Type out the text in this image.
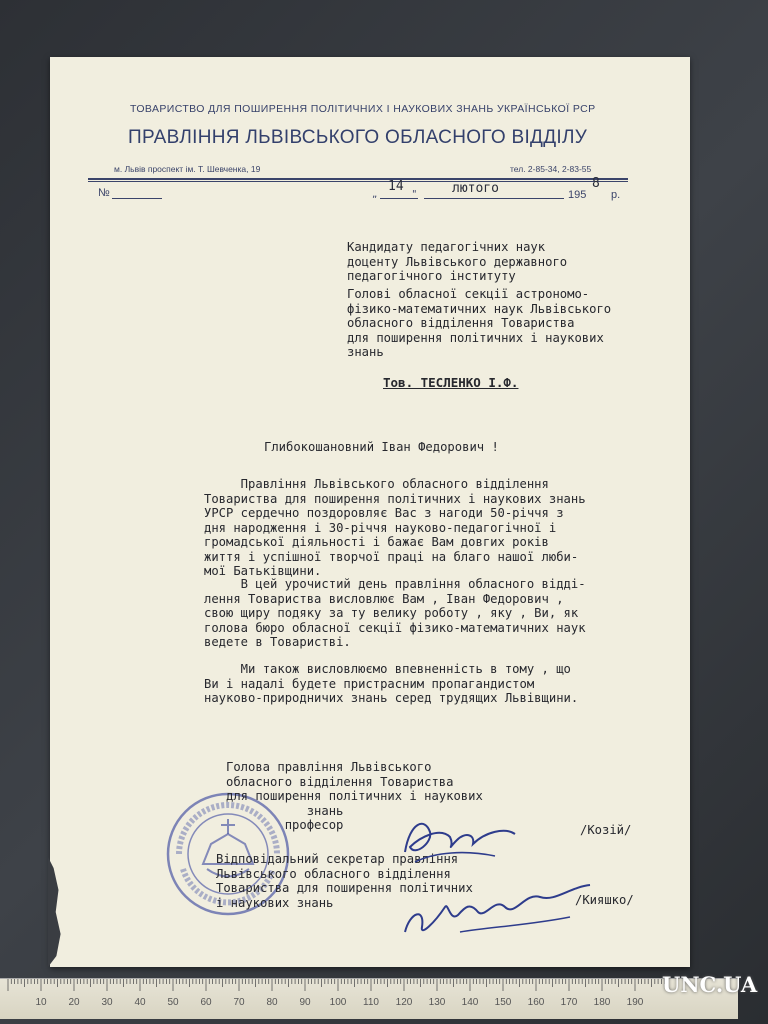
ТОВАРИСТВО ДЛЯ ПОШИРЕННЯ ПОЛІТИЧНИХ І НАУКОВИХ ЗНАНЬ УКРАЇНСЬКОЇ РСР
ПРАВЛІННЯ ЛЬВІВСЬКОГО ОБЛАСНОГО ВІДДІЛУ
м. Львів проспект ім. Т. Шевченка, 19	тел. 2-85-34, 2-83-55
№	„
14
"	лютого	195
8
р.
Кандидату педагогічних наук
доценту Львівського державного
педагогічного інституту
Голові обласної секції астрономо-
фізико-математичних наук Львівського
обласного відділення Товариства
для поширення політичних і наукових
знань
Тов. ТЕСЛЕНКО І.Ф.
Глибокошановний Іван Федорович !
Правління Львівського обласного відділення
Товариства для поширення політичних і наукових знань
УРСР сердечно поздоровляє Вас з нагоди 50-річчя з
дня народження і 30-річчя науково-педагогічної і
громадської діяльності і бажає Вам довгих років
життя і успішної творчої праці на благо нашої люби-
мої Батьківщини.
В цей урочистий день правління обласного відді-
лення Товариства висловлює Вам , Іван Федорович ,
свою щиру подяку за ту велику роботу , яку , Ви, як
голова бюро обласної секції фізико-математичних наук
ведете в Товаристві.
Ми також висловлюємо впевненність в тому , що
Ви і надалі будете пристрасним пропагандистом
науково-природничих знань серед трудящих Львівщини.
Голова правління Львівського
обласного відділення Товариства
для поширення політичних і наукових
знань
професор	/Козій/
Відповідальний секретар правління
Львівського обласного відділення
Товариства для поширення політичних
і наукових знань	/Кияшко/
10 20 30 40 50 60 70 80 90 100 110 120 130 140 150 160 170 180 190
UNC.UA
